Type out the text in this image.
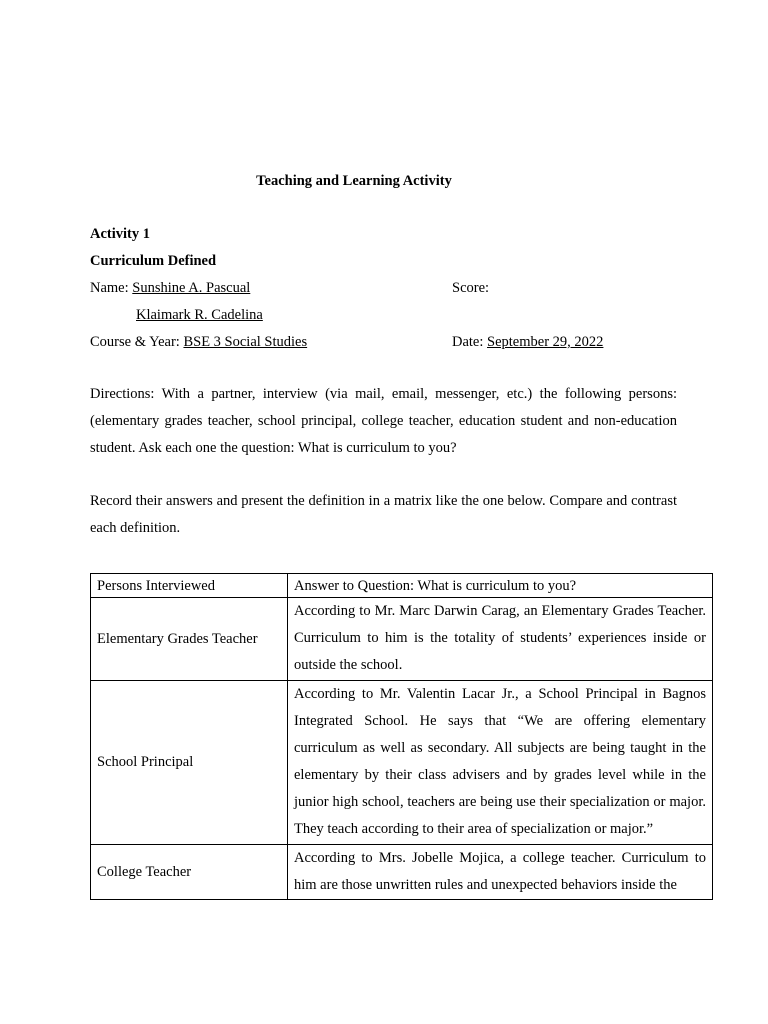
Teaching and Learning Activity
Activity 1
Curriculum Defined
Name: Sunshine A. Pascual	Score:
Klaimark R. Cadelina
Course & Year: BSE 3 Social Studies	Date: September 29, 2022
Directions: With a partner, interview (via mail, email, messenger, etc.) the following persons: (elementary grades teacher, school principal, college teacher, education student and non-education student. Ask each one the question: What is curriculum to you?
Record their answers and present the definition in a matrix like the one below. Compare and contrast each definition.
Persons Interviewed	Answer to Question: What is curriculum to you?
Elementary Grades Teacher	According to Mr. Marc Darwin Carag, an Elementary Grades Teacher. Curriculum to him is the totality of students’ experiences inside or outside the school.
School Principal	According to Mr. Valentin Lacar Jr., a School Principal in Bagnos Integrated School. He says that “We are offering elementary curriculum as well as secondary. All subjects are being taught in the elementary by their class advisers and by grades level while in the junior high school, teachers are being use their specialization or major. They teach according to their area of specialization or major.”
College Teacher	According to Mrs. Jobelle Mojica, a college teacher. Curriculum to him are those unwritten rules and unexpected behaviors inside the
